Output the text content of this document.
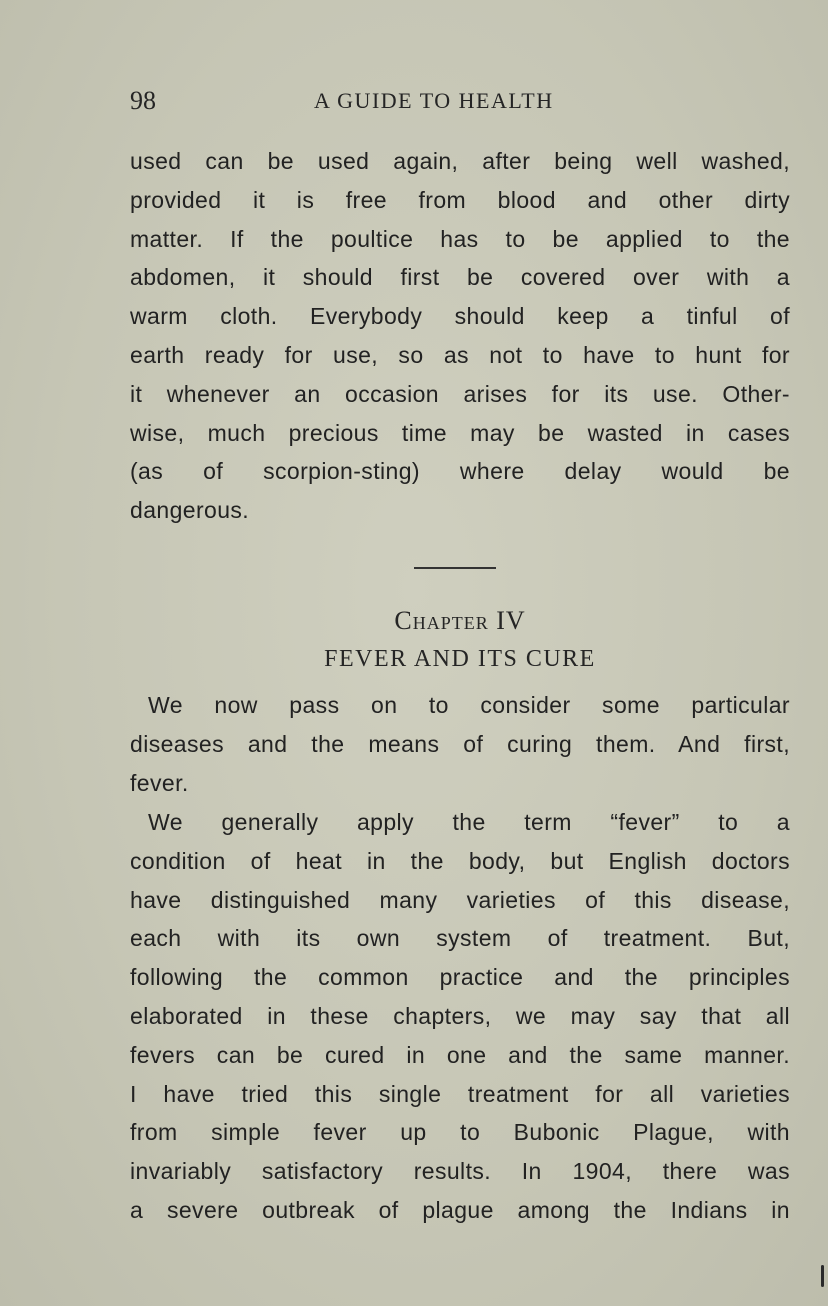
98	A GUIDE TO HEALTH
used can be used again, after being well washed,
provided it is free from blood and other dirty
matter. If the poultice has to be applied to the
abdomen, it should first be covered over with a
warm cloth. Everybody should keep a tinful of
earth ready for use, so as not to have to hunt for
it whenever an occasion arises for its use. Other-
wise, much precious time may be wasted in cases
(as of scorpion-sting) where delay would be
dangerous.
Chapter IV
FEVER AND ITS CURE
We now pass on to consider some particular
diseases and the means of curing them. And first,
fever.
We generally apply the term “fever” to a
condition of heat in the body, but English doctors
have distinguished many varieties of this disease,
each with its own system of treatment. But,
following the common practice and the principles
elaborated in these chapters, we may say that all
fevers can be cured in one and the same manner.
I have tried this single treatment for all varieties
from simple fever up to Bubonic Plague, with
invariably satisfactory results. In 1904, there was
a severe outbreak of plague among the Indians in
